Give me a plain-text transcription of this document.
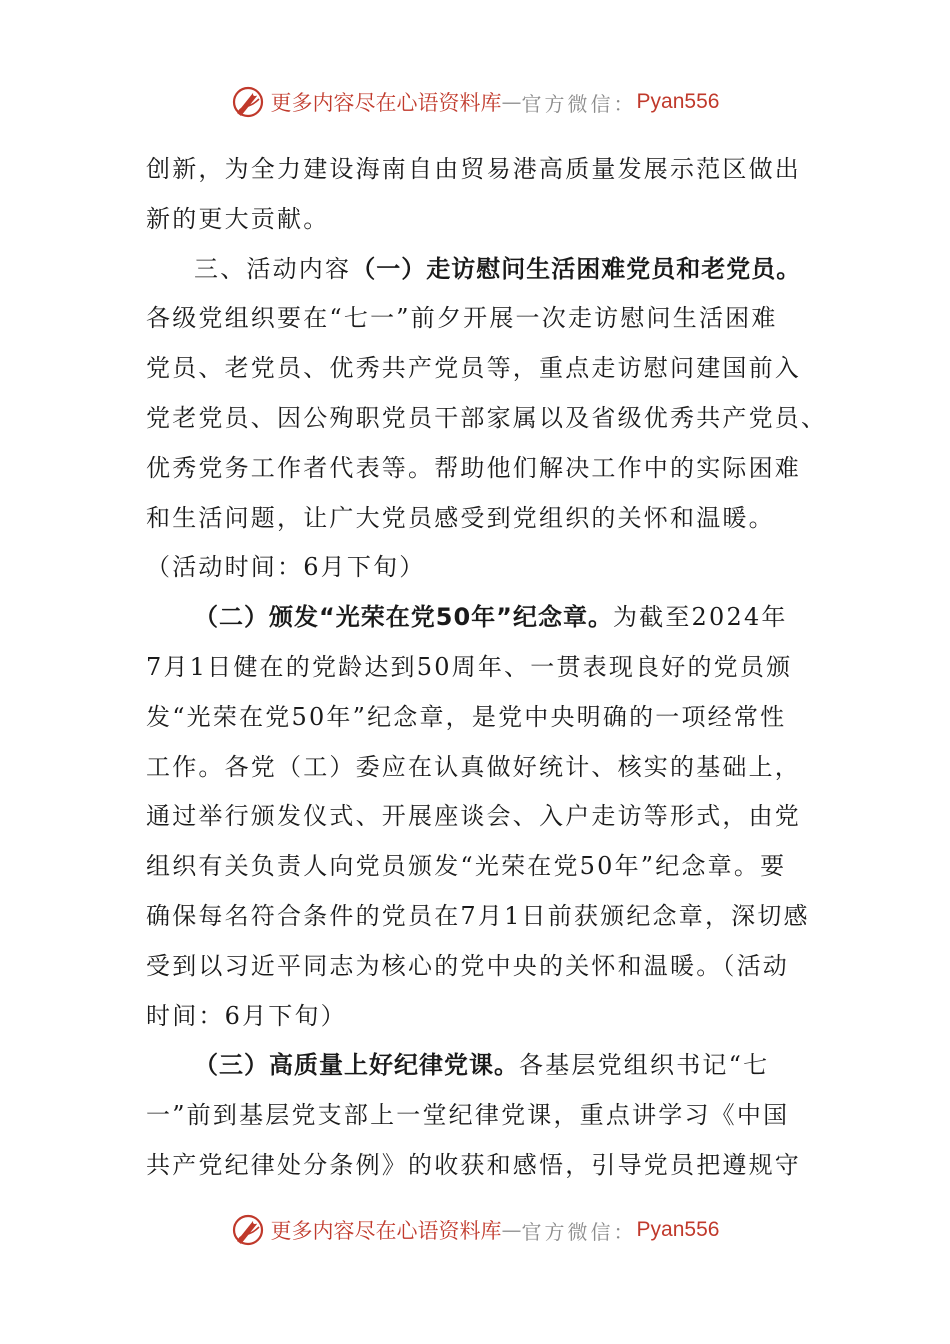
更多内容尽在心语资料库 — 官方微信： Pyan556
创新，为全力建设海南自由贸易港高质量发展示范区做出
新的更大贡献。
三、活动内容（一）走访慰问生活困难党员和老党员。
各级党组织要在“七一”前夕开展一次走访慰问生活困难
党员、老党员、优秀共产党员等，重点走访慰问建国前入
党老党员、因公殉职党员干部家属以及省级优秀共产党员、
优秀党务工作者代表等。帮助他们解决工作中的实际困难
和生活问题，让广大党员感受到党组织的关怀和温暖。
（活动时间：6月下旬）
（二）颁发“光荣在党50年”纪念章。为截至2024年
7月1日健在的党龄达到50周年、一贯表现良好的党员颁
发“光荣在党50年”纪念章，是党中央明确的一项经常性
工作。各党（工）委应在认真做好统计、核实的基础上，
通过举行颁发仪式、开展座谈会、入户走访等形式，由党
组织有关负责人向党员颁发“光荣在党50年”纪念章。要
确保每名符合条件的党员在7月1日前获颁纪念章，深切感
受到以习近平同志为核心的党中央的关怀和温暖。（活动
时间：6月下旬）
（三）高质量上好纪律党课。各基层党组织书记“七
一”前到基层党支部上一堂纪律党课，重点讲学习《中国
共产党纪律处分条例》的收获和感悟，引导党员把遵规守
更多内容尽在心语资料库 — 官方微信： Pyan556
